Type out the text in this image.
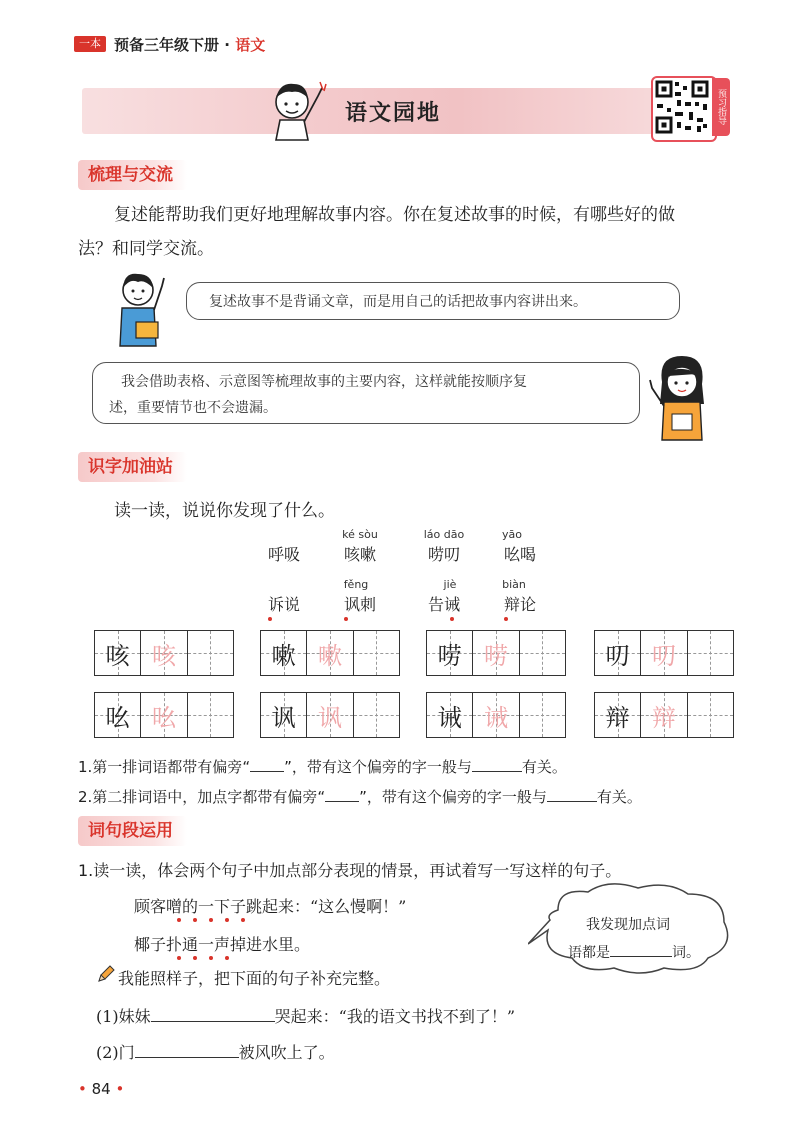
一本 预备三年级下册 · 语文
语文园地	预习指导
梳理与交流
复述能帮助我们更好地理解故事内容。你在复述故事的时候，有哪些好的做
法？和同学交流。
复述故事不是背诵文章，而是用自己的话把故事内容讲出来。
我会借助表格、示意图等梳理故事的主要内容，这样就能按顺序复
述，重要情节也不会遗漏。
识字加油站
读一读，说说你发现了什么。
ké sòu	láo dāo	yāo
呼吸	咳嗽	唠叨	吆喝
fěng	jiè	biàn
诉说	讽刺	告诫	辩论
咳 咳	嗽 嗽	唠 唠	叨 叨
吆 吆	讽 讽	诫 诫	辩 辩
1.第一排词语都带有偏旁“ ”，带有这个偏旁的字一般与	有关。
2.第二排词语中，加点字都带有偏旁“ ”，带有这个偏旁的字一般与	有关。
词句段运用
1.读一读，体会两个句子中加点部分表现的情景，再试着写一写这样的句子。
顾客噌的一下子跳起来：“这么慢啊！”
椰子扑通一声掉进水里。
我发现加点词
语都是	词。
我能照样子，把下面的句子补充完整。
(1)妹妹	哭起来：“我的语文书找不到了！”
(2)门	被风吹上了。
• 84 •
